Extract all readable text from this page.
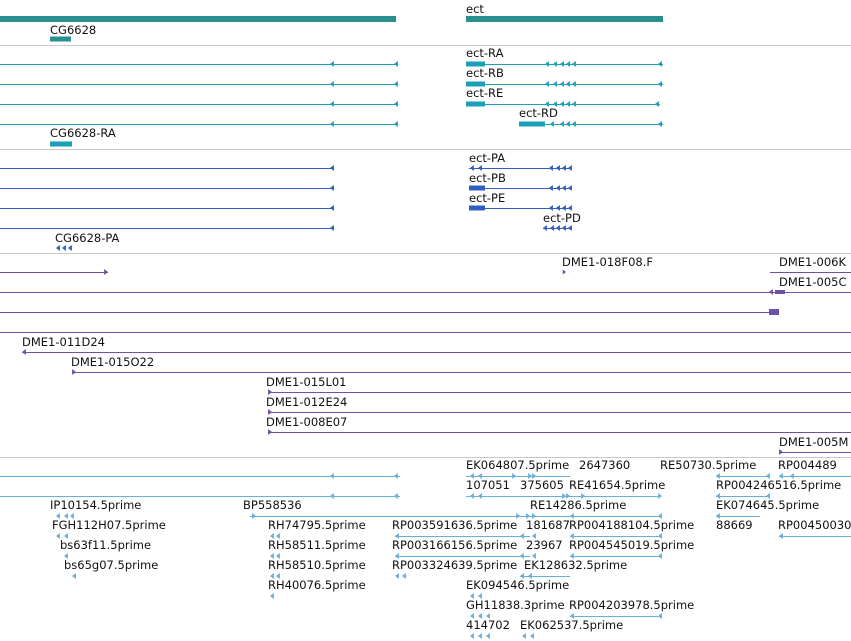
ect
CG6628
ect-RA
ect-RB
ect-RE
ect-RD
CG6628-RA
ect-PA
ect-PB
ect-PE
ect-PD
CG6628-PA
DME1-018F08.F	DME1-006K
DME1-005C
DME1-011D24
DME1-015O22
DME1-015L01
DME1-012E24
DME1-008E07
DME1-005M
EK064807.5prime 2647360	RE50730.5prime RP004489
107051 375605 RE41654.5prime	RP004246516.5prime
IP10154.5prime	BP558536	RE14286.5prime	EK074645.5prime
FGH112H07.5prime	RH74795.5prime RP003591636.5prime 181687 RP004188104.5prime 88669 RP00450030
bs63f11.5prime	RH58511.5prime RP003166156.5prime 23967 RP004545019.5prime
bs65g07.5prime	RH58510.5prime RP003324639.5prime EK128632.5prime
RH40076.5prime	EK094546.5prime
GH11838.3prime RP004203978.5prime
414702 EK062537.5prime
